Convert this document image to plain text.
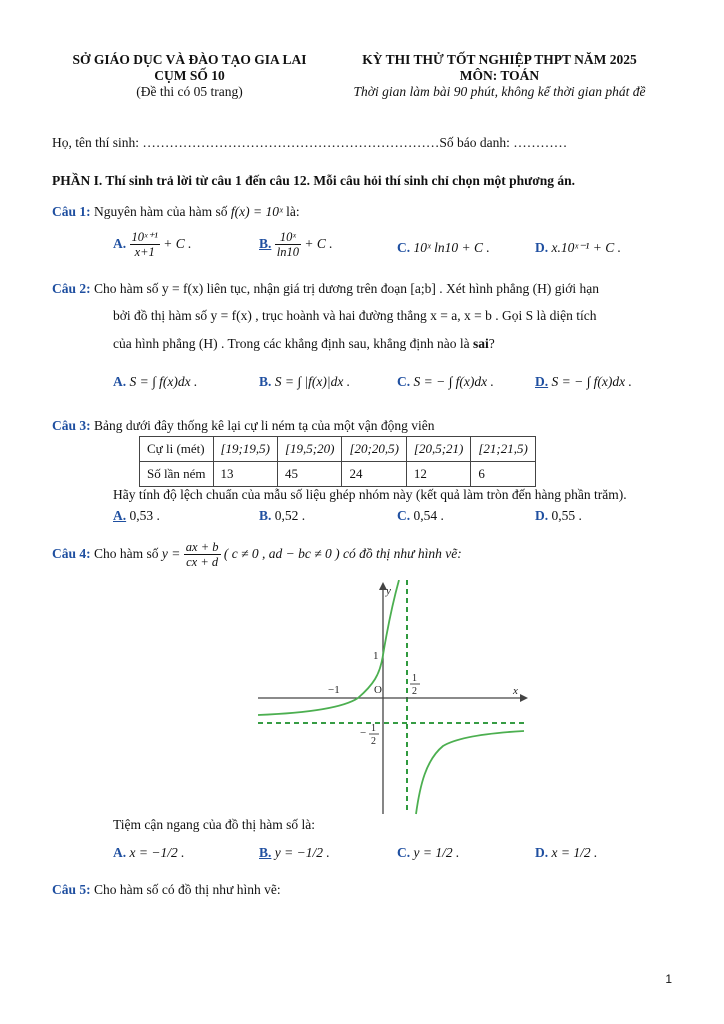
SỞ GIÁO DỤC VÀ ĐÀO TẠO GIA LAI	KỲ THI THỬ TỐT NGHIỆP THPT NĂM 2025
CỤM SỐ 10	MÔN: TOÁN
(Đề thi có 05 trang)	Thời gian làm bài 90 phút, không kể thời gian phát đề
Họ, tên thí sinh: …………………………………………………………Số báo danh: …………
PHẦN I. Thí sinh trả lời từ câu 1 đến câu 12. Mỗi câu hỏi thí sinh chỉ chọn một phương án.
Câu 1: Nguyên hàm của hàm số f(x) = 10ˣ là:
A. $\frac{\text{10ˣ⁺¹}}{x+1} + C$ .	B. $\frac{\text{10ˣ}}{\ln 10} + C$ .	C. 10ˣ ln10 + C .	D. x.10ˣ⁻¹ + C .
Câu 2: Cho hàm số y = f(x) liên tục, nhận giá trị dương trên đoạn [a;b] . Xét hình phẳng (H) giới hạn
bởi đồ thị hàm số y = f(x) , trục hoành và hai đường thẳng x = a, x = b . Gọi S là diện tích
của hình phẳng (H) . Trong các khẳng định sau, khẳng định nào là sai?
A. S = ∫ f(x)dx .	B. S = ∫ |f(x)|dx .	C. S = − ∫ f(x)dx .	D. S = − ∫ f(x)dx .
Câu 3: Bảng dưới đây thống kê lại cự li ném tạ của một vận động viên
Cự li (mét)	[19;19,5)	[19,5;20)	[20;20,5)	[20,5;21)	[21;21,5)
Số lần ném	13	45	24	12	6
Hãy tính độ lệch chuẩn của mẫu số liệu ghép nhóm này (kết quả làm tròn đến hàng phần trăm).
A. 0,53 .	B. 0,52 .	C. 0,54 .	D. 0,55 .
Câu 4: Cho hàm số $y = \frac{ax + b}{cx + d}$ ( c ≠ 0 , ad − bc ≠ 0 ) có đồ thị như hình vẽ:
x
y
O
−1
1
1
2
− 1
2
Tiệm cận ngang của đồ thị hàm số là:
A. x = −1/2 .	B. y = −1/2 .	C. y = 1/2 .	D. x = 1/2 .
Câu 5: Cho hàm số có đồ thị như hình vẽ:
1
